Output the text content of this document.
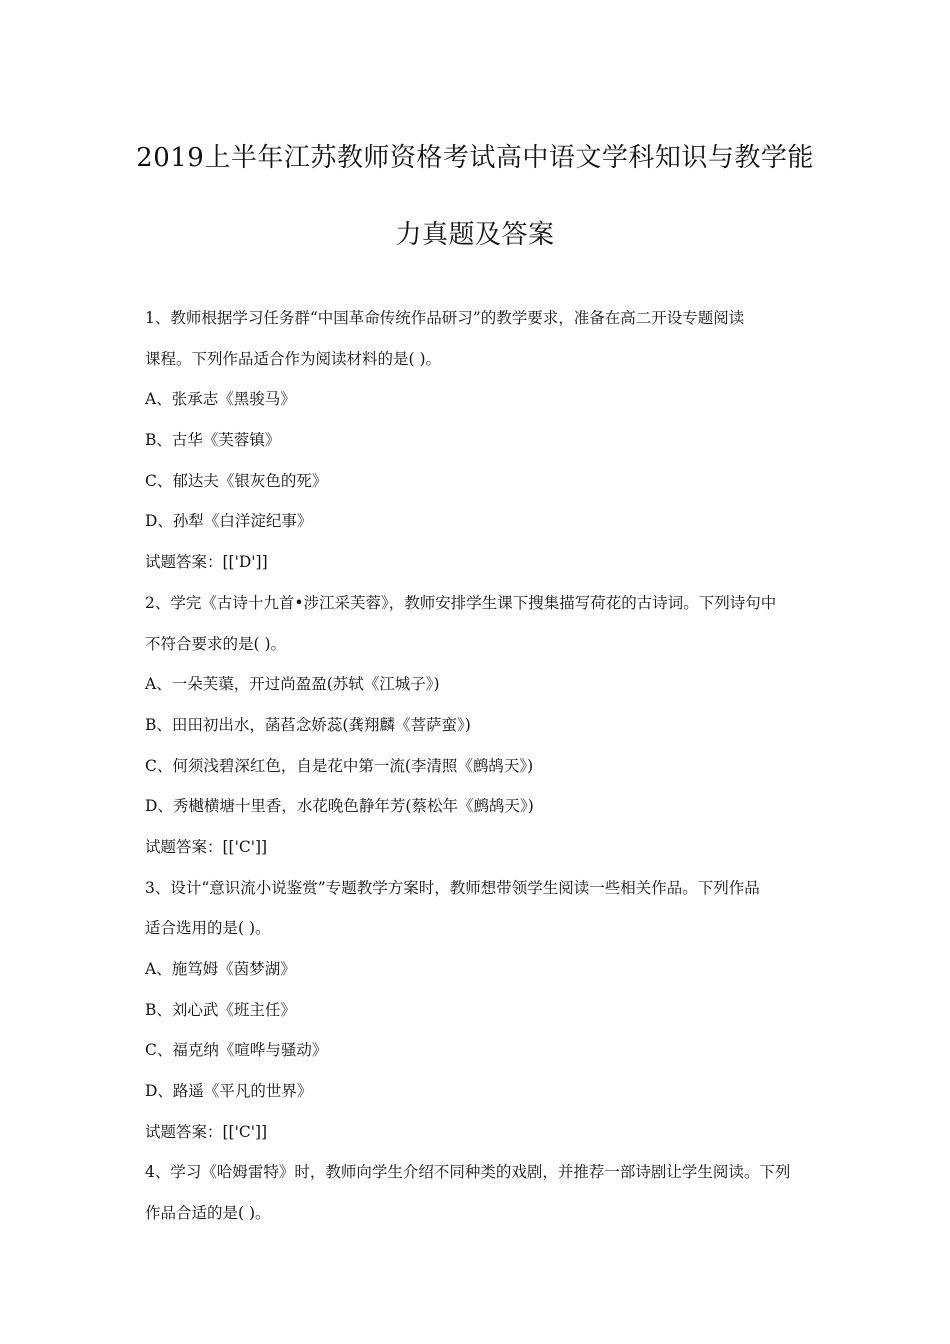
2019上半年江苏教师资格考试高中语文学科知识与教学能
力真题及答案
1、教师根据学习任务群“中国革命传统作品研习”的教学要求，准备在高二开设专题阅读
课程。下列作品适合作为阅读材料的是( )。
A、张承志《黑骏马》
B、古华《芙蓉镇》
C、郁达夫《银灰色的死》
D、孙犁《白洋淀纪事》
试题答案：[['D']]
2、学完《古诗十九首•涉江采芙蓉》，教师安排学生课下搜集描写荷花的古诗词。下列诗句中
不符合要求的是( )。
A、一朵芙蕖，开过尚盈盈(苏轼《江城子》)
B、田田初出水，菡萏念娇蕊(龚翔麟《菩萨蛮》)
C、何须浅碧深红色，自是花中第一流(李清照《鹧鸪天》)
D、秀樾横塘十里香，水花晚色静年芳(蔡松年《鹧鸪天》)
试题答案：[['C']]
3、设计“意识流小说鉴赏”专题教学方案时，教师想带领学生阅读一些相关作品。下列作品
适合选用的是( )。
A、施笃姆《茵梦湖》
B、刘心武《班主任》
C、福克纳《喧哗与骚动》
D、路遥《平凡的世界》
试题答案：[['C']]
4、学习《哈姆雷特》时，教师向学生介绍不同种类的戏剧，并推荐一部诗剧让学生阅读。下列
作品合适的是( )。
